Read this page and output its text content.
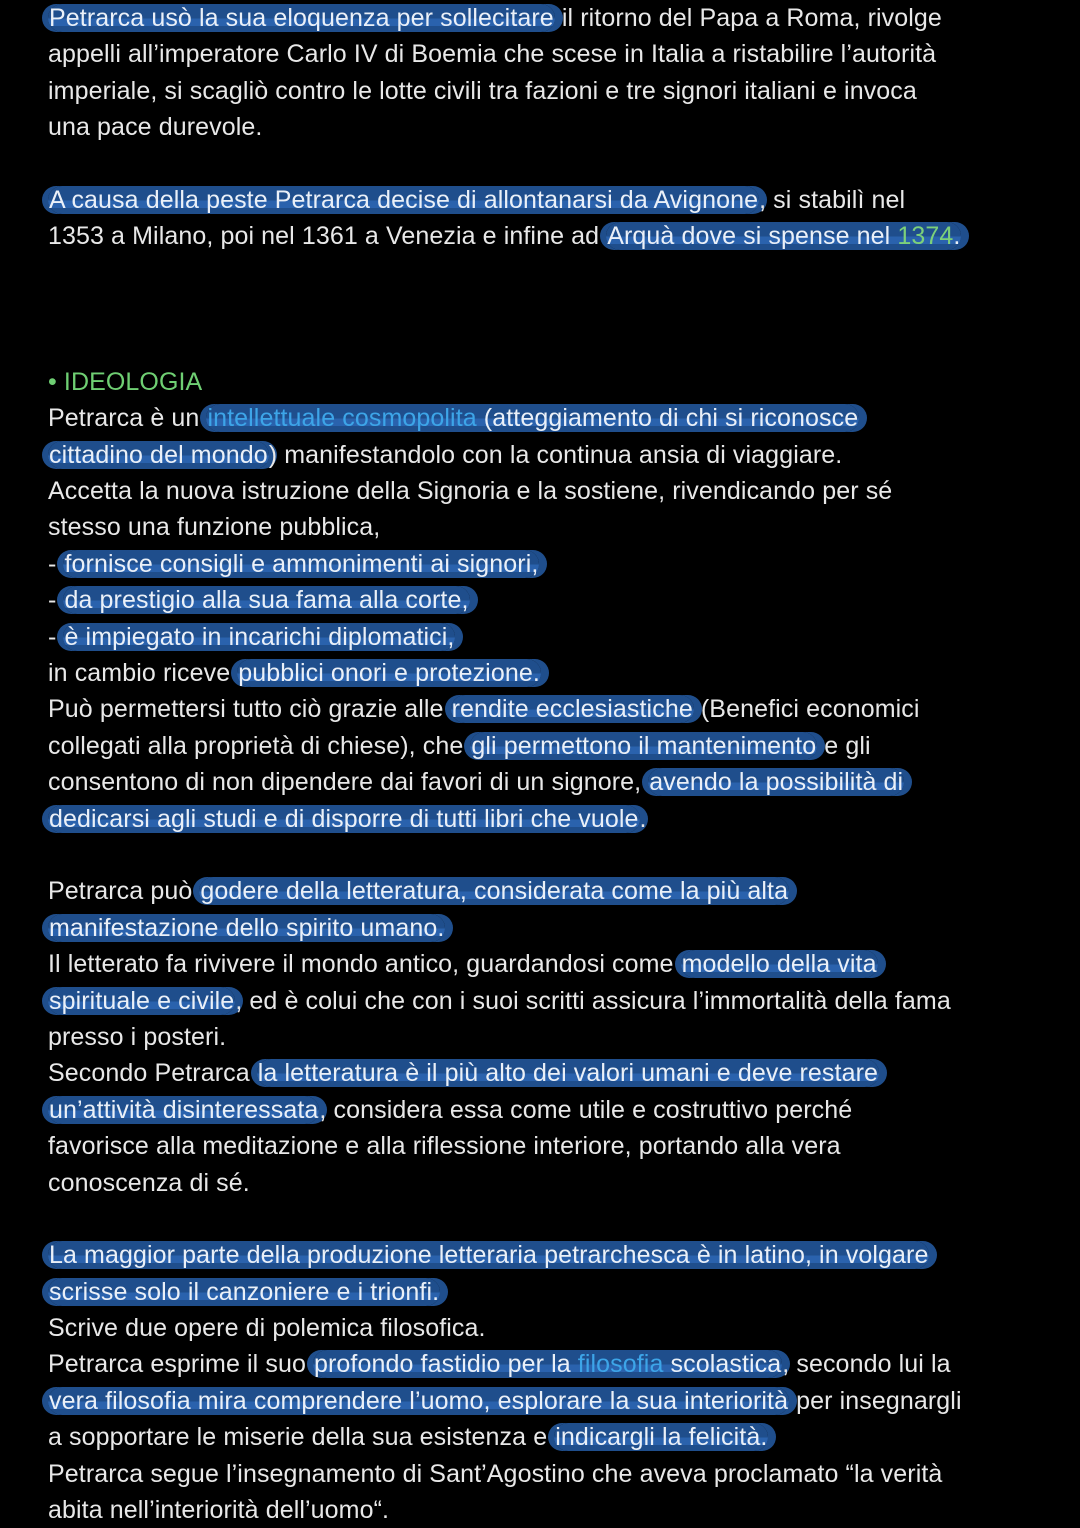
Petrarca usò la sua eloquenza per sollecitare il ritorno del Papa a Roma, rivolge
appelli all’imperatore Carlo IV di Boemia che scese in Italia a ristabilire l’autorità
imperiale, si scagliò contro le lotte civili tra fazioni e tre signori italiani e invoca
una pace durevole.
A causa della peste Petrarca decise di allontanarsi da Avignone, si stabilì nel
1353 a Milano, poi nel 1361 a Venezia e infine ad Arquà dove si spense nel 1374.
• IDEOLOGIA
Petrarca è un intellettuale cosmopolita (atteggiamento di chi si riconosce
cittadino del mondo) manifestandolo con la continua ansia di viaggiare.
Accetta la nuova istruzione della Signoria e la sostiene, rivendicando per sé
stesso una funzione pubblica,
- fornisce consigli e ammonimenti ai signori,
- da prestigio alla sua fama alla corte,
- è impiegato in incarichi diplomatici,
in cambio riceve pubblici onori e protezione.
Può permettersi tutto ciò grazie alle rendite ecclesiastiche (Benefici economici
collegati alla proprietà di chiese), che gli permettono il mantenimento e gli
consentono di non dipendere dai favori di un signore, avendo la possibilità di
dedicarsi agli studi e di disporre di tutti libri che vuole.
Petrarca può godere della letteratura, considerata come la più alta
manifestazione dello spirito umano.
Il letterato fa rivivere il mondo antico, guardandosi come modello della vita
spirituale e civile, ed è colui che con i suoi scritti assicura l’immortalità della fama
presso i posteri.
Secondo Petrarca la letteratura è il più alto dei valori umani e deve restare
un’attività disinteressata, considera essa come utile e costruttivo perché
favorisce alla meditazione e alla riflessione interiore, portando alla vera
conoscenza di sé.
La maggior parte della produzione letteraria petrarchesca è in latino, in volgare
scrisse solo il canzoniere e i trionfi.
Scrive due opere di polemica filosofica.
Petrarca esprime il suo profondo fastidio per la filosofia scolastica, secondo lui la
vera filosofia mira comprendere l’uomo, esplorare la sua interiorità per insegnargli
a sopportare le miserie della sua esistenza e indicargli la felicità.
Petrarca segue l’insegnamento di Sant’Agostino che aveva proclamato “la verità
abita nell’interiorità dell’uomo“.
